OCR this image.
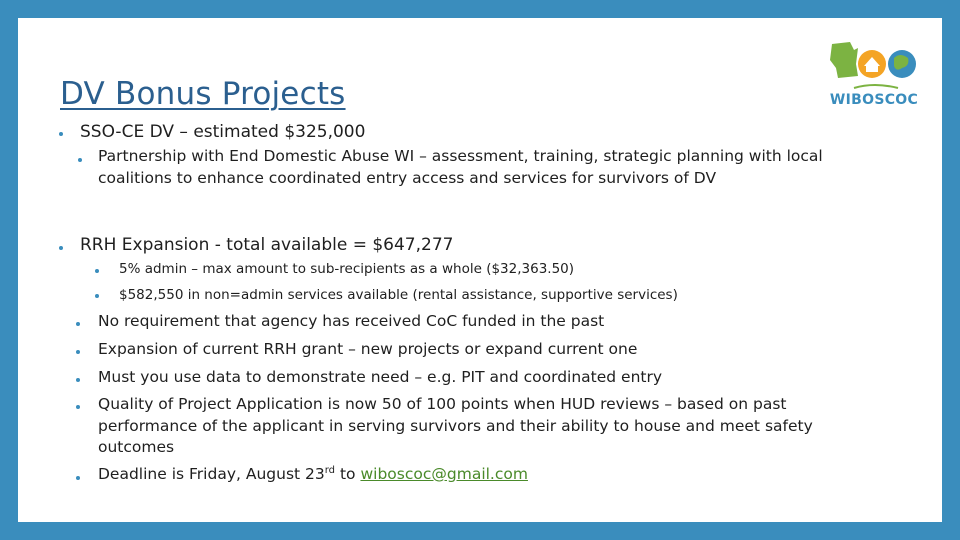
DV Bonus Projects	WIBOSCOC
SSO-CE DV – estimated $325,000
Partnership with End Domestic Abuse WI – assessment, training, strategic planning with local
coalitions to enhance coordinated entry access and services for survivors of DV
RRH Expansion - total available = $647,277
5% admin – max amount to sub-recipients as a whole ($32,363.50)
$582,550 in non=admin services available (rental assistance, supportive services)
No requirement that agency has received CoC funded in the past
Expansion of current RRH grant – new projects or expand current one
Must you use data to demonstrate need – e.g. PIT and coordinated entry
Quality of Project Application is now 50 of 100 points when HUD reviews – based on past
performance of the applicant in serving survivors and their ability to house and meet safety
outcomes
Deadline is Friday, August 23rd to wiboscoc@gmail.com
